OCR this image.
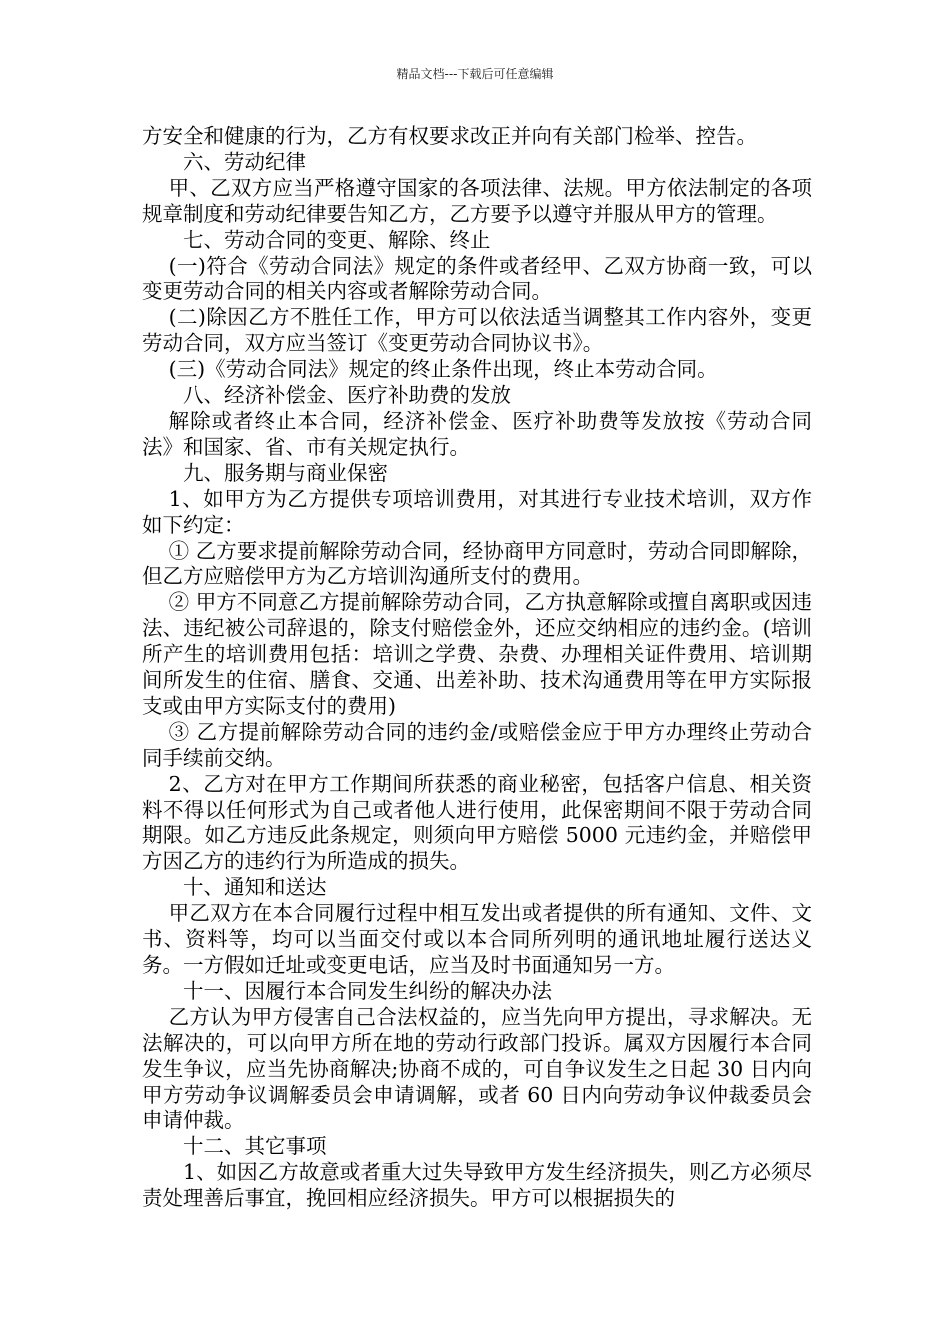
精品文档---下载后可任意编辑

方安全和健康的行为，乙方有权要求改正并向有关部门检举、控告。

六、劳动纪律

甲、乙双方应当严格遵守国家的各项法律、法规。甲方依法制定的各项规章制度和劳动纪律要告知乙方，乙方要予以遵守并服从甲方的管理。

七、劳动合同的变更、解除、终止

(一)符合《劳动合同法》规定的条件或者经甲、乙双方协商一致，可以变更劳动合同的相关内容或者解除劳动合同。

(二)除因乙方不胜任工作，甲方可以依法适当调整其工作内容外，变更劳动合同，双方应当签订《变更劳动合同协议书》。

(三)《劳动合同法》规定的终止条件出现，终止本劳动合同。

八、经济补偿金、医疗补助费的发放

解除或者终止本合同，经济补偿金、医疗补助费等发放按《劳动合同法》和国家、省、市有关规定执行。

九、服务期与商业保密

1、如甲方为乙方提供专项培训费用，对其进行专业技术培训，双方作如下约定：

① 乙方要求提前解除劳动合同，经协商甲方同意时，劳动合同即解除，但乙方应赔偿甲方为乙方培训沟通所支付的费用。

② 甲方不同意乙方提前解除劳动合同，乙方执意解除或擅自离职或因违法、违纪被公司辞退的，除支付赔偿金外，还应交纳相应的违约金。(培训所产生的培训费用包括：培训之学费、杂费、办理相关证件费用、培训期间所发生的住宿、膳食、交通、出差补助、技术沟通费用等在甲方实际报支或由甲方实际支付的费用)

③ 乙方提前解除劳动合同的违约金/或赔偿金应于甲方办理终止劳动合同手续前交纳。

2、乙方对在甲方工作期间所获悉的商业秘密，包括客户信息、相关资料不得以任何形式为自己或者他人进行使用，此保密期间不限于劳动合同期限。如乙方违反此条规定，则须向甲方赔偿 5000 元违约金，并赔偿甲方因乙方的违约行为所造成的损失。

十、通知和送达

甲乙双方在本合同履行过程中相互发出或者提供的所有通知、文件、文书、资料等，均可以当面交付或以本合同所列明的通讯地址履行送达义务。一方假如迁址或变更电话，应当及时书面通知另一方。

十一、因履行本合同发生纠纷的解决办法

乙方认为甲方侵害自己合法权益的，应当先向甲方提出，寻求解决。无法解决的，可以向甲方所在地的劳动行政部门投诉。属双方因履行本合同发生争议，应当先协商解决;协商不成的，可自争议发生之日起 30 日内向甲方劳动争议调解委员会申请调解，或者 60 日内向劳动争议仲裁委员会申请仲裁。

十二、其它事项

1、如因乙方故意或者重大过失导致甲方发生经济损失，则乙方必须尽责处理善后事宜，挽回相应经济损失。甲方可以根据损失的
